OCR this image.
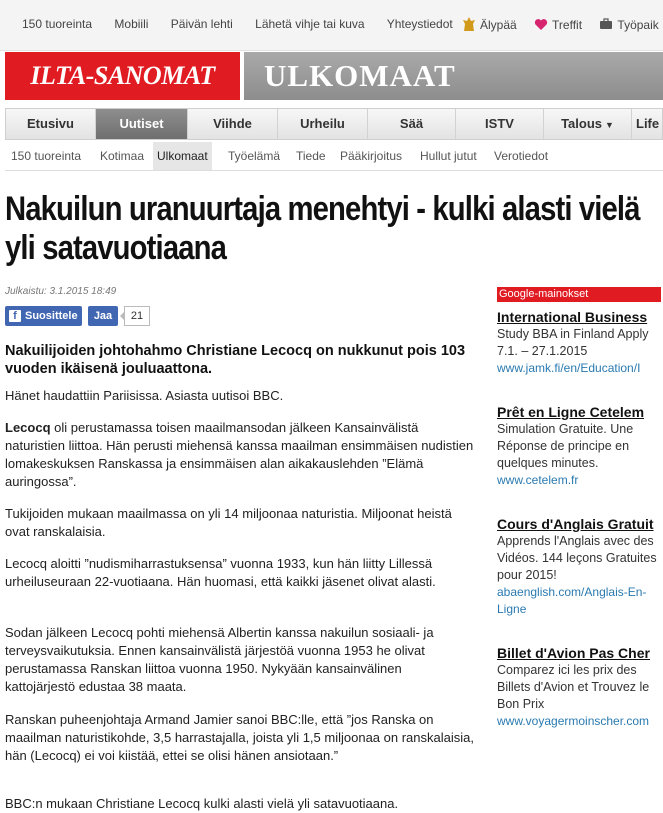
150 tuoreinta Mobiili Päivän lehti Lähetä vihje tai kuva Yhteystiedot	Älypää	Treffit	Työpaik
ILTA-SANOMAT	ULKOMAAT
Etusivu	Uutiset	Viihde	Urheilu	Sää	ISTV	Talous ▼	Life
150 tuoreinta	Kotimaa	Ulkomaat	Työelämä	Tiede	Pääkirjoitus	Hullut jutut	Verotiedot
Nakuilun uranuurtaja menehtyi - kulki alasti vielä yli satavuotiaana
Julkaistu: 3.1.2015 18:49
f Suosittele	Jaa	21
Nakuilijoiden johtohahmo Christiane Lecocq on nukkunut pois 103 vuoden ikäisenä jouluaattona.
Hänet haudattiin Pariisissa. Asiasta uutisoi BBC.
Lecocq oli perustamassa toisen maailmansodan jälkeen Kansainvälistä naturistien liittoa. Hän perusti miehensä kanssa maailman ensimmäisen nudistien lomakeskuksen Ranskassa ja ensimmäisen alan aikakauslehden ”Elämä auringossa”.
Tukijoiden mukaan maailmassa on yli 14 miljoonaa naturistia. Miljoonat heistä ovat ranskalaisia.
Lecocq aloitti ”nudismiharrastuksensa” vuonna 1933, kun hän liitty Lillessä urheiluseuraan 22-vuotiaana. Hän huomasi, että kaikki jäsenet olivat alasti.
Sodan jälkeen Lecocq pohti miehensä Albertin kanssa nakuilun sosiaali- ja terveysvaikutuksia. Ennen kansainvälistä järjestöä vuonna 1953 he olivat perustamassa Ranskan liittoa vuonna 1950. Nykyään kansainvälinen kattojärjestö edustaa 38 maata.
Ranskan puheenjohtaja Armand Jamier sanoi BBC:lle, että ”jos Ranska on maailman naturistikohde, 3,5 harrastajalla, joista yli 1,5 miljoonaa on ranskalaisia, hän (Lecocq) ei voi kiistää, ettei se olisi hänen ansiotaan.”
BBC:n mukaan Christiane Lecocq kulki alasti vielä yli satavuotiaana.
Google-mainokset
International Business
Study BBA in Finland Apply 7.1. – 27.1.2015
www.jamk.fi/en/Education/I
Prêt en Ligne Cetelem
Simulation Gratuite. Une Réponse de principe en quelques minutes.
www.cetelem.fr
Cours d'Anglais Gratuit
Apprends l'Anglais avec des Vidéos. 144 leçons Gratuites pour 2015!
abaenglish.com/Anglais-En-Ligne
Billet d'Avion Pas Cher
Comparez ici les prix des Billets d'Avion et Trouvez le Bon Prix
www.voyagermoinscher.com
